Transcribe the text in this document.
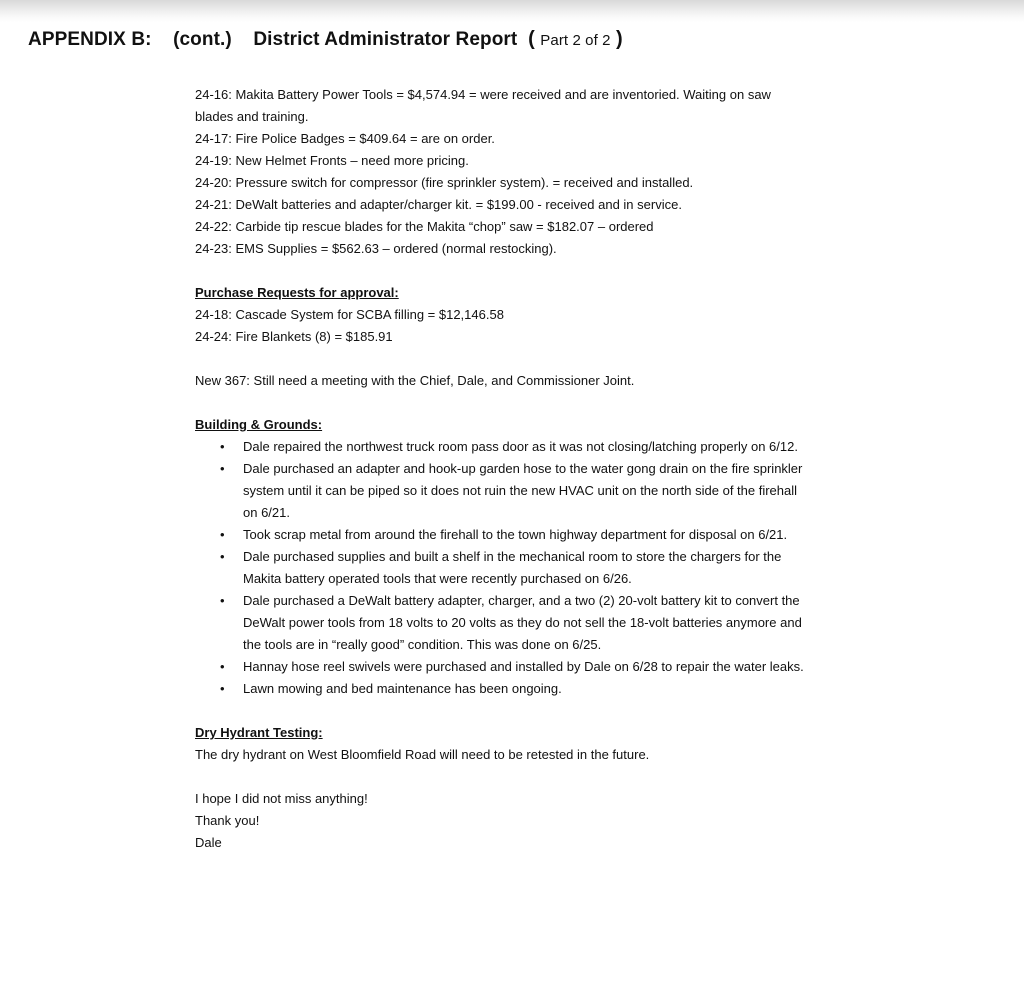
APPENDIX B: (cont.) District Administrator Report ( Part 2 of 2 )
24-16: Makita Battery Power Tools = $4,574.94 = were received and are inventoried. Waiting on saw blades and training.
24-17: Fire Police Badges = $409.64 = are on order.
24-19: New Helmet Fronts – need more pricing.
24-20: Pressure switch for compressor (fire sprinkler system). = received and installed.
24-21: DeWalt batteries and adapter/charger kit. = $199.00 - received and in service.
24-22: Carbide tip rescue blades for the Makita “chop” saw = $182.07 – ordered
24-23: EMS Supplies = $562.63 – ordered (normal restocking).
Purchase Requests for approval:
24-18: Cascade System for SCBA filling = $12,146.58
24-24: Fire Blankets (8) = $185.91
New 367: Still need a meeting with the Chief, Dale, and Commissioner Joint.
Building & Grounds:
• Dale repaired the northwest truck room pass door as it was not closing/latching properly on 6/12.
• Dale purchased an adapter and hook-up garden hose to the water gong drain on the fire sprinkler system until it can be piped so it does not ruin the new HVAC unit on the north side of the firehall on 6/21.
• Took scrap metal from around the firehall to the town highway department for disposal on 6/21.
• Dale purchased supplies and built a shelf in the mechanical room to store the chargers for the Makita battery operated tools that were recently purchased on 6/26.
• Dale purchased a DeWalt battery adapter, charger, and a two (2) 20-volt battery kit to convert the DeWalt power tools from 18 volts to 20 volts as they do not sell the 18-volt batteries anymore and the tools are in “really good” condition. This was done on 6/25.
• Hannay hose reel swivels were purchased and installed by Dale on 6/28 to repair the water leaks.
• Lawn mowing and bed maintenance has been ongoing.
Dry Hydrant Testing:
The dry hydrant on West Bloomfield Road will need to be retested in the future.
I hope I did not miss anything!
Thank you!
Dale
